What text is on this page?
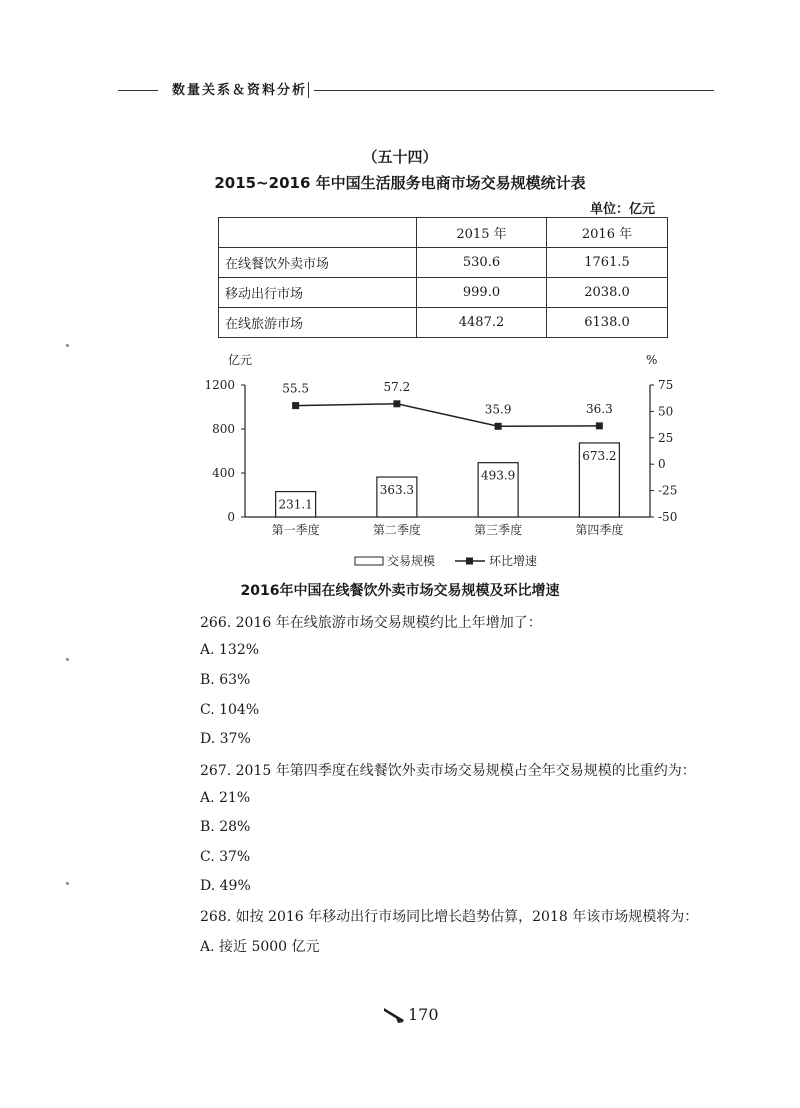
数量关系＆资料分析
（五十四）
2015~2016 年中国生活服务电商市场交易规模统计表
单位：亿元
	2015 年	2016 年
在线餐饮外卖市场	530.6	1761.5
移动出行市场	999.0	2038.0
在线旅游市场	4487.2	6138.0
亿元	%
0
400
800
1200
-50
-25
0
25
50
75
231.1
第一季度
363.3
第二季度
493.9
第三季度
673.2
第四季度
55.5	57.2
35.9	36.3
交易规模	环比增速
2016年中国在线餐饮外卖市场交易规模及环比增速
266. 2016 年在线旅游市场交易规模约比上年增加了：
A. 132%
B. 63%
C. 104%
D. 37%
267. 2015 年第四季度在线餐饮外卖市场交易规模占全年交易规模的比重约为：
A. 21%
B. 28%
C. 37%
D. 49%
268. 如按 2016 年移动出行市场同比增长趋势估算，2018 年该市场规模将为：
A. 接近 5000 亿元
170
